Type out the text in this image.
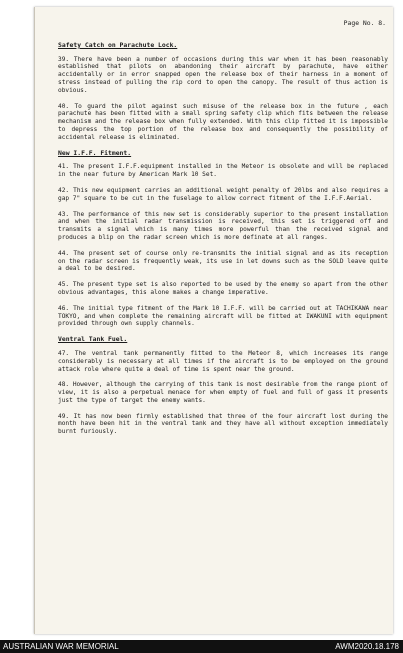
Page No. 8.
Safety Catch on Parachute Lock.

39. There have been a number of occasions during this war when it has been reasonably established that pilots on abandoning their aircraft by parachute, have either accidentally or in error snapped open the release box of their harness in a moment of stress instead of pulling the rip cord to open the canopy. The result of thus action is obvious.

40. To guard the pilot against such misuse of the release box in the future , each parachute has been fitted with a small spring safety clip which fits between the release mechanism and the release box when fully extended. With this clip fitted it is impossible to depress the top portion of the release box and consequently the possibility of accidental release is eliminated.

New I.F.F. Fitment.

41. The present I.F.F.equipment installed in the Meteor is obsolete and will be replaced in the near future by American Mark 10 Set.

42. This new equipment carries an additional weight penalty of 20lbs and also requires a gap 7" square to be cut in the fuselage to allow correct fitment of the I.F.F.Aerial.

43. The performance of this new set is considerably superior to the present installation and when the initial radar transmission is received, this set is triggered off and transmits a signal which is many times more powerful than the received signal and produces a blip on the radar screen which is more definate at all ranges.

44. The present set of course only re-transmits the initial signal and as its reception on the radar screen is frequently weak, its use in let downs such as the SOLD leave quite a deal to be desired.

45. The present type set is also reported to be used by the enemy so apart from the other obvious advantages, this alone makes a change imperative.

46. The initial type fitment of the Mark 10 I.F.F. will be carried out at TACHIKAWA near TOKYO, and when complete the remaining aircraft will be fitted at IWAKUNI with equipment provided through own supply channels.

Ventral Tank Fuel.

47. The ventral tank permanently fitted to the Meteor 8, which increases its range considerably is necessary at all times if the aircraft is to be employed on the ground attack role where quite a deal of time is spent near the ground.

48. However, although the carrying of this tank is most desirable from the range piont of view, it is also a perpetual menace for when empty of fuel and full of gass it presents just the type of target the enemy wants.

49. It has now been firmly established that three of the four aircraft lost during the month have been hit in the ventral tank and they have all without exception immediately burnt furiously.

AUSTRALIAN WAR MEMORIAL	AWM2020.18.178
